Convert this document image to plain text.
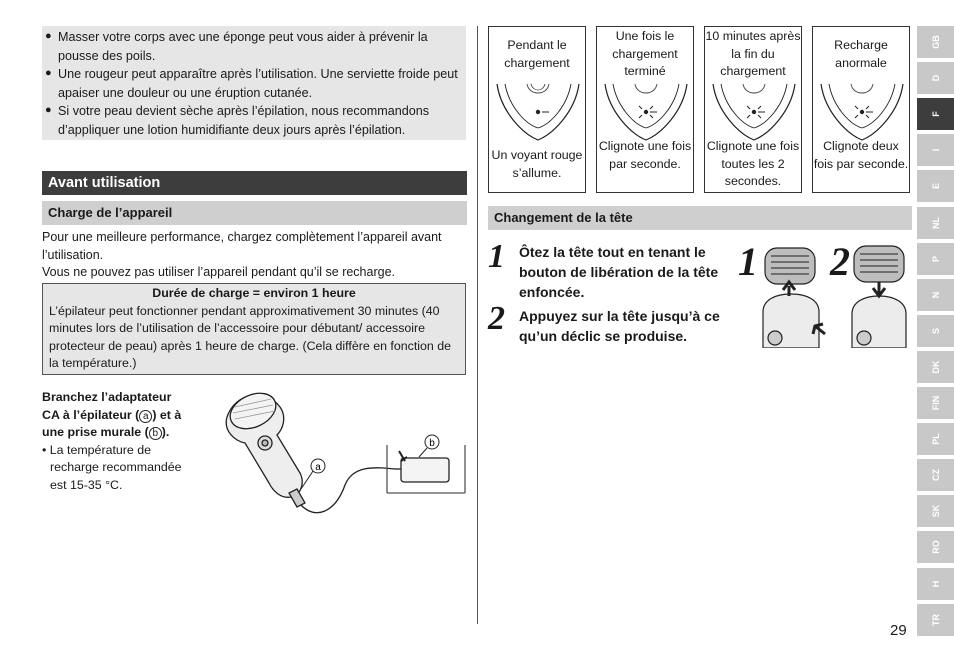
● Masser votre corps avec une éponge peut vous aider à prévenir la pousse des poils.
● Une rougeur peut apparaître après l’utilisation. Une serviette froide peut apaiser une douleur ou une éruption cutanée.
● Si votre peau devient sèche après l’épilation, nous recommandons d’appliquer une lotion humidifiante deux jours après l’épilation.
Avant utilisation
Charge de l’appareil
Pour une meilleure performance, chargez complètement l’appareil avant l’utilisation.
Vous ne pouvez pas utiliser l’appareil pendant qu’il se recharge.
Durée de charge = environ 1 heure
L’épilateur peut fonctionner pendant approximativement 30 minutes (40 minutes lors de l’utilisation de l’accessoire pour débutant/ accessoire protecteur de peau) après 1 heure de charge. (Cela diffère en fonction de la température.)
Branchez l’adaptateur
CA à l’épilateur ( a ) et à
une prise murale ( b ).
• La température de recharge recommandée est 15-35 °C.
a
b
Pendant le chargement
Un voyant rouge s’allume.
Une fois le chargement terminé
Clignote une fois par seconde.
10 minutes après la fin du chargement
Clignote une fois toutes les 2 secondes.
Recharge anormale
Clignote deux fois par seconde.
Changement de la tête
1 Ôtez la tête tout en tenant le bouton de libération de la tête enfoncée.
2 Appuyez sur la tête jusqu’à ce qu’un déclic se produise.
1 2
GB
D
F
I
E
NL
P
N
S
DK
FIN
PL
CZ
SK
RO
H
TR
29
